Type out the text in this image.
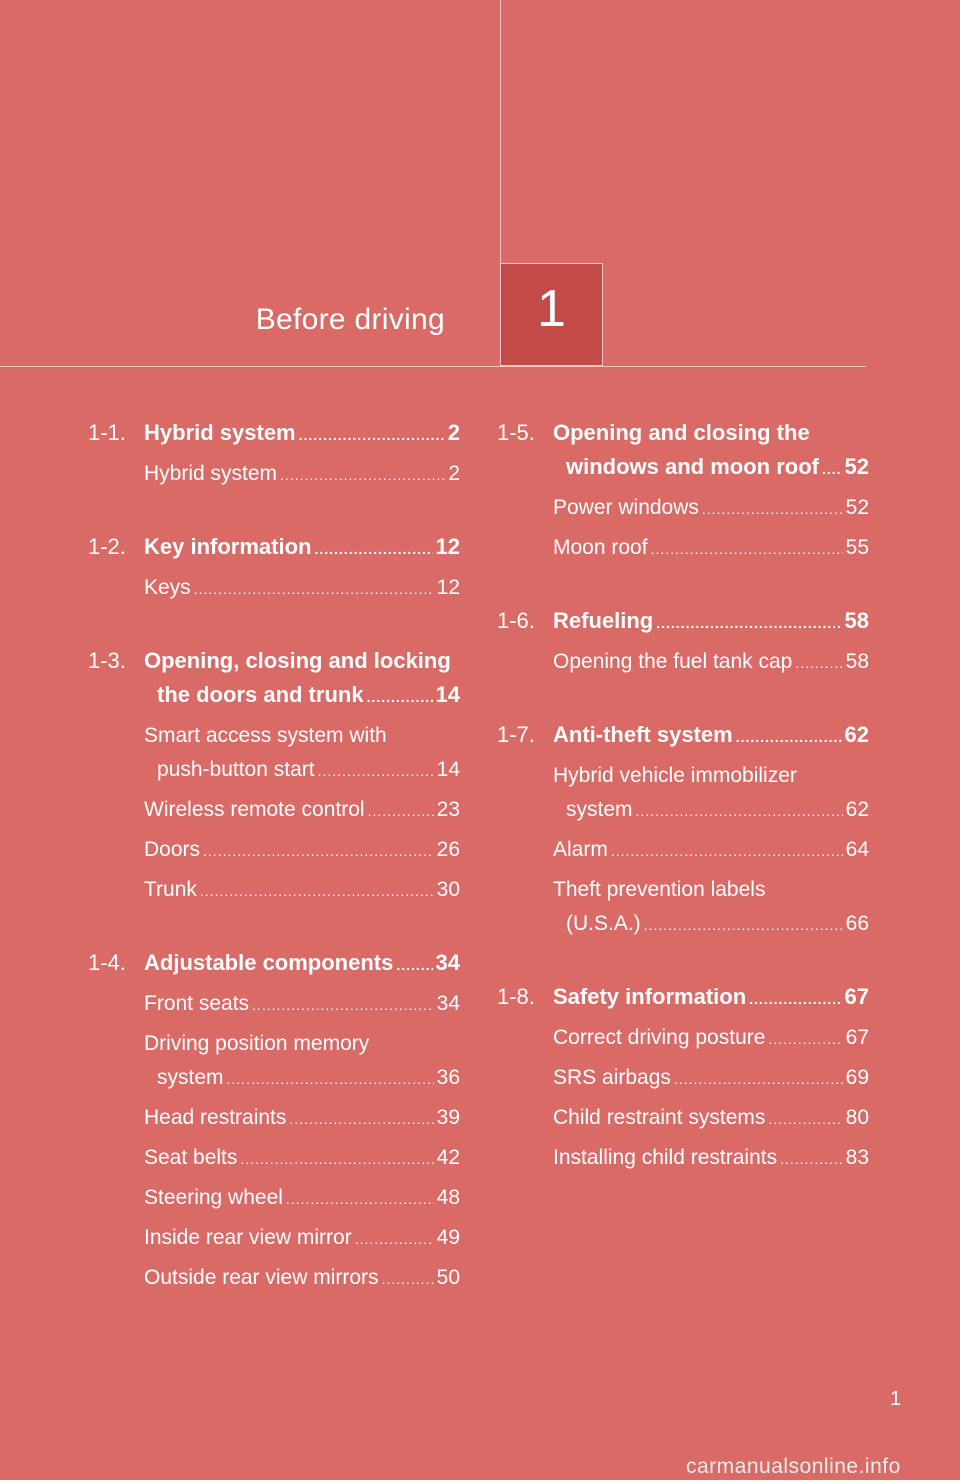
Before driving 1
1-1. Hybrid system .....	2
Hybrid system .....	2
1-2. Key information .....	12
Keys .....	12
1-3. Opening, closing and locking
the doors and trunk .....	14
Smart access system with
push-button start .....	14
Wireless remote control .....	23
Doors .....	26
Trunk .....	30
1-4. Adjustable components ..... 34
Front seats .....	34
Driving position memory
system .....	36
Head restraints .....	39
Seat belts .....	42
Steering wheel .....	48
Inside rear view mirror .....	49
Outside rear view mirrors .....	50
1-5. Opening and closing the
windows and moon roof ..... 52
Power windows .....	52
Moon roof .....	55
1-6. Refueling .....	58
Opening the fuel tank cap .....	58
1-7. Anti-theft system .....	62
Hybrid vehicle immobilizer
system .....	62
Alarm .....	64
Theft prevention labels
(U.S.A.) .....	66
1-8. Safety information .....	67
Correct driving posture .....	67
SRS airbags .....	69
Child restraint systems .....	80
Installing child restraints .....	83
1
carmanualsonline.info
